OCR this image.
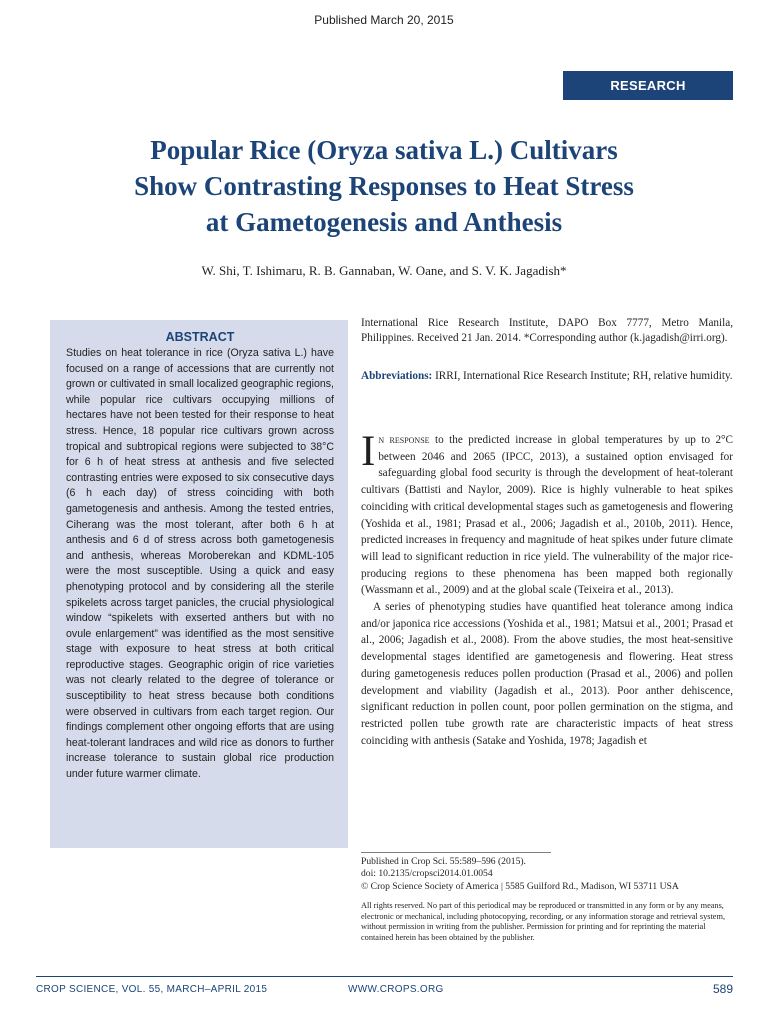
Published March 20, 2015
RESEARCH
Popular Rice (Oryza sativa L.) Cultivars
Show Contrasting Responses to Heat Stress
at Gametogenesis and Anthesis
W. Shi, T. Ishimaru, R. B. Gannaban, W. Oane, and S. V. K. Jagadish*
ABSTRACT

Studies on heat tolerance in rice (Oryza sativa L.) have focused on a range of accessions that are currently not grown or cultivated in small localized geographic regions, while popular rice cultivars occupying millions of hectares have not been tested for their response to heat stress. Hence, 18 popular rice cultivars grown across tropical and subtropical regions were subjected to 38°C for 6 h of heat stress at anthesis and five selected contrasting entries were exposed to six consecutive days (6 h each day) of stress coinciding with both gametogenesis and anthesis. Among the tested entries, Ciherang was the most tolerant, after both 6 h at anthesis and 6 d of stress across both gametogenesis and anthesis, whereas Moroberekan and KDML-105 were the most susceptible. Using a quick and easy phenotyping protocol and by considering all the sterile spikelets across target panicles, the crucial physiological window “spikelets with exserted anthers but with no ovule enlargement” was identified as the most sensitive stage with exposure to heat stress at both critical reproductive stages. Geographic origin of rice varieties was not clearly related to the degree of tolerance or susceptibility to heat stress because both conditions were observed in cultivars from each target region. Our findings complement other ongoing efforts that are using heat-tolerant landraces and wild rice as donors to further increase tolerance to sustain global rice production under future warmer climate.

International Rice Research Institute, DAPO Box 7777, Metro Manila, Philippines. Received 21 Jan. 2014. *Corresponding author (k.jagadish@irri.org).

Abbreviations: IRRI, International Rice Research Institute; RH, relative humidity.

In response to the predicted increase in global temperatures by up to 2°C between 2046 and 2065 (IPCC, 2013), a sustained option envisaged for safeguarding global food security is through the development of heat-tolerant cultivars (Battisti and Naylor, 2009). Rice is highly vulnerable to heat spikes coinciding with critical developmental stages such as gametogenesis and flowering (Yoshida et al., 1981; Prasad et al., 2006; Jagadish et al., 2010b, 2011). Hence, predicted increases in frequency and magnitude of heat spikes under future climate will lead to significant reduction in rice yield. The vulnerability of the major rice-producing regions to these phenomena has been mapped both regionally (Wassmann et al., 2009) and at the global scale (Teixeira et al., 2013).

A series of phenotyping studies have quantified heat tolerance among indica and/or japonica rice accessions (Yoshida et al., 1981; Matsui et al., 2001; Prasad et al., 2006; Jagadish et al., 2008). From the above studies, the most heat-sensitive developmental stages identified are gametogenesis and flowering. Heat stress during gametogenesis reduces pollen production (Prasad et al., 2006) and pollen development and viability (Jagadish et al., 2013). Poor anther dehiscence, significant reduction in pollen count, poor pollen germination on the stigma, and restricted pollen tube growth rate are characteristic impacts of heat stress coinciding with anthesis (Satake and Yoshida, 1978; Jagadish et

Published in Crop Sci. 55:589–596 (2015).
doi: 10.2135/cropsci2014.01.0054
© Crop Science Society of America | 5585 Guilford Rd., Madison, WI 53711 USA

All rights reserved. No part of this periodical may be reproduced or transmitted in any form or by any means, electronic or mechanical, including photocopying, recording, or any information storage and retrieval system, without permission in writing from the publisher. Permission for printing and for reprinting the material contained herein has been obtained by the publisher.

CROP SCIENCE, VOL. 55, MARCH–APRIL 2015	WWW.CROPS.ORG	589
